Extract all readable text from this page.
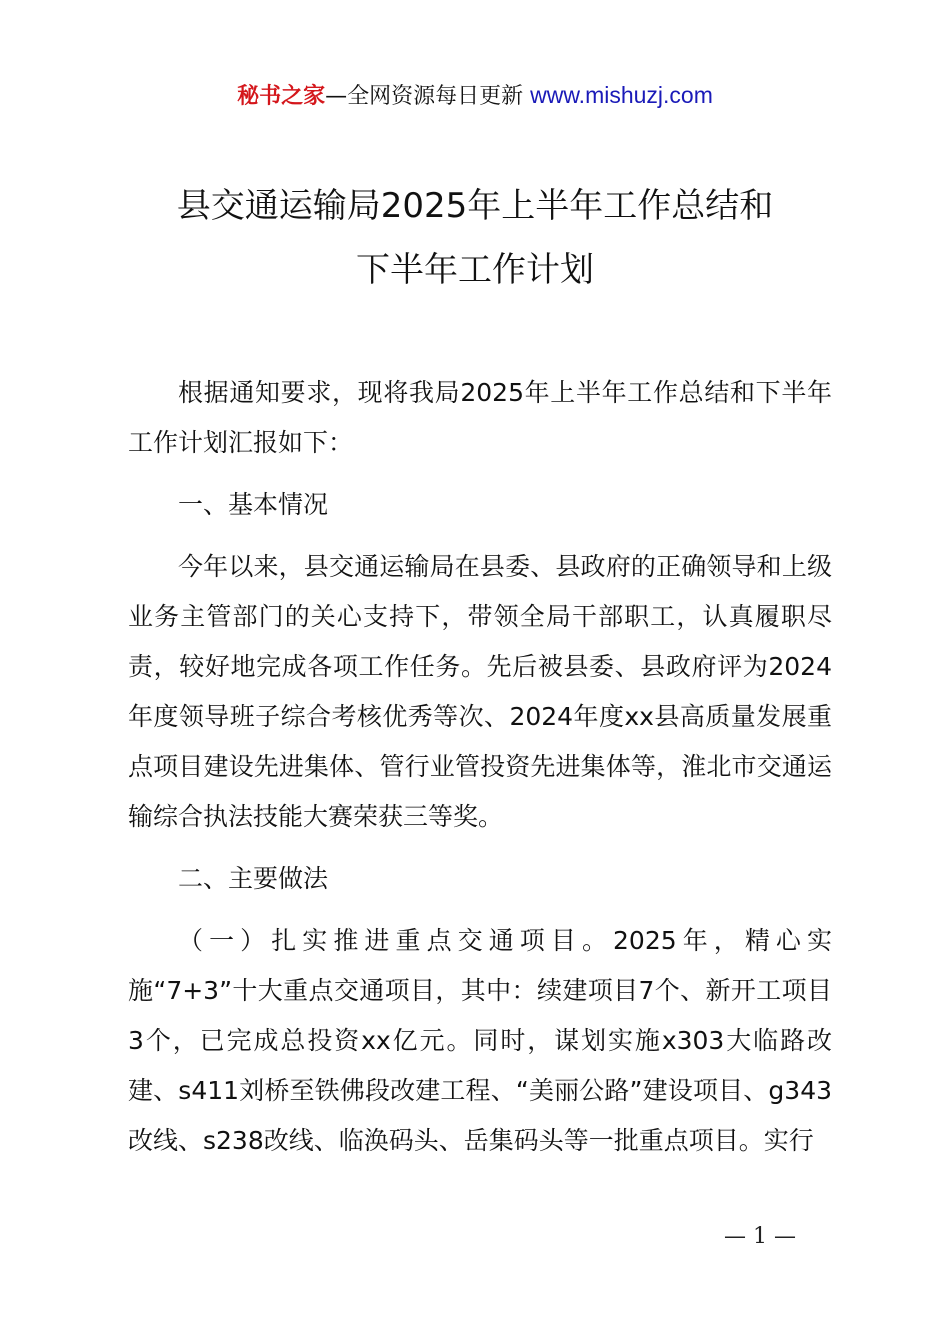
秘书之家—全网资源每日更新 www.mishuzj.com
县交通运输局2025年上半年工作总结和
下半年工作计划

根据通知要求，现将我局2025年上半年工作总结和下半年工作计划汇报如下：

一、基本情况

今年以来，县交通运输局在县委、县政府的正确领导和上级业务主管部门的关心支持下，带领全局干部职工，认真履职尽责，较好地完成各项工作任务。先后被县委、县政府评为2024年度领导班子综合考核优秀等次、2024年度xx县高质量发展重点项目建设先进集体、管行业管投资先进集体等，淮北市交通运输综合执法技能大赛荣获三等奖。

二、主要做法

（一）扎实推进重点交通项目。2025年，精心实施“7+3”十大重点交通项目，其中：续建项目7个、新开工项目3个，已完成总投资xx亿元。同时，谋划实施x303大临路改建、s411刘桥至铁佛段改建工程、“美丽公路”建设项目、g343改线、s238改线、临涣码头、岳集码头等一批重点项目。实行

— 1 —
